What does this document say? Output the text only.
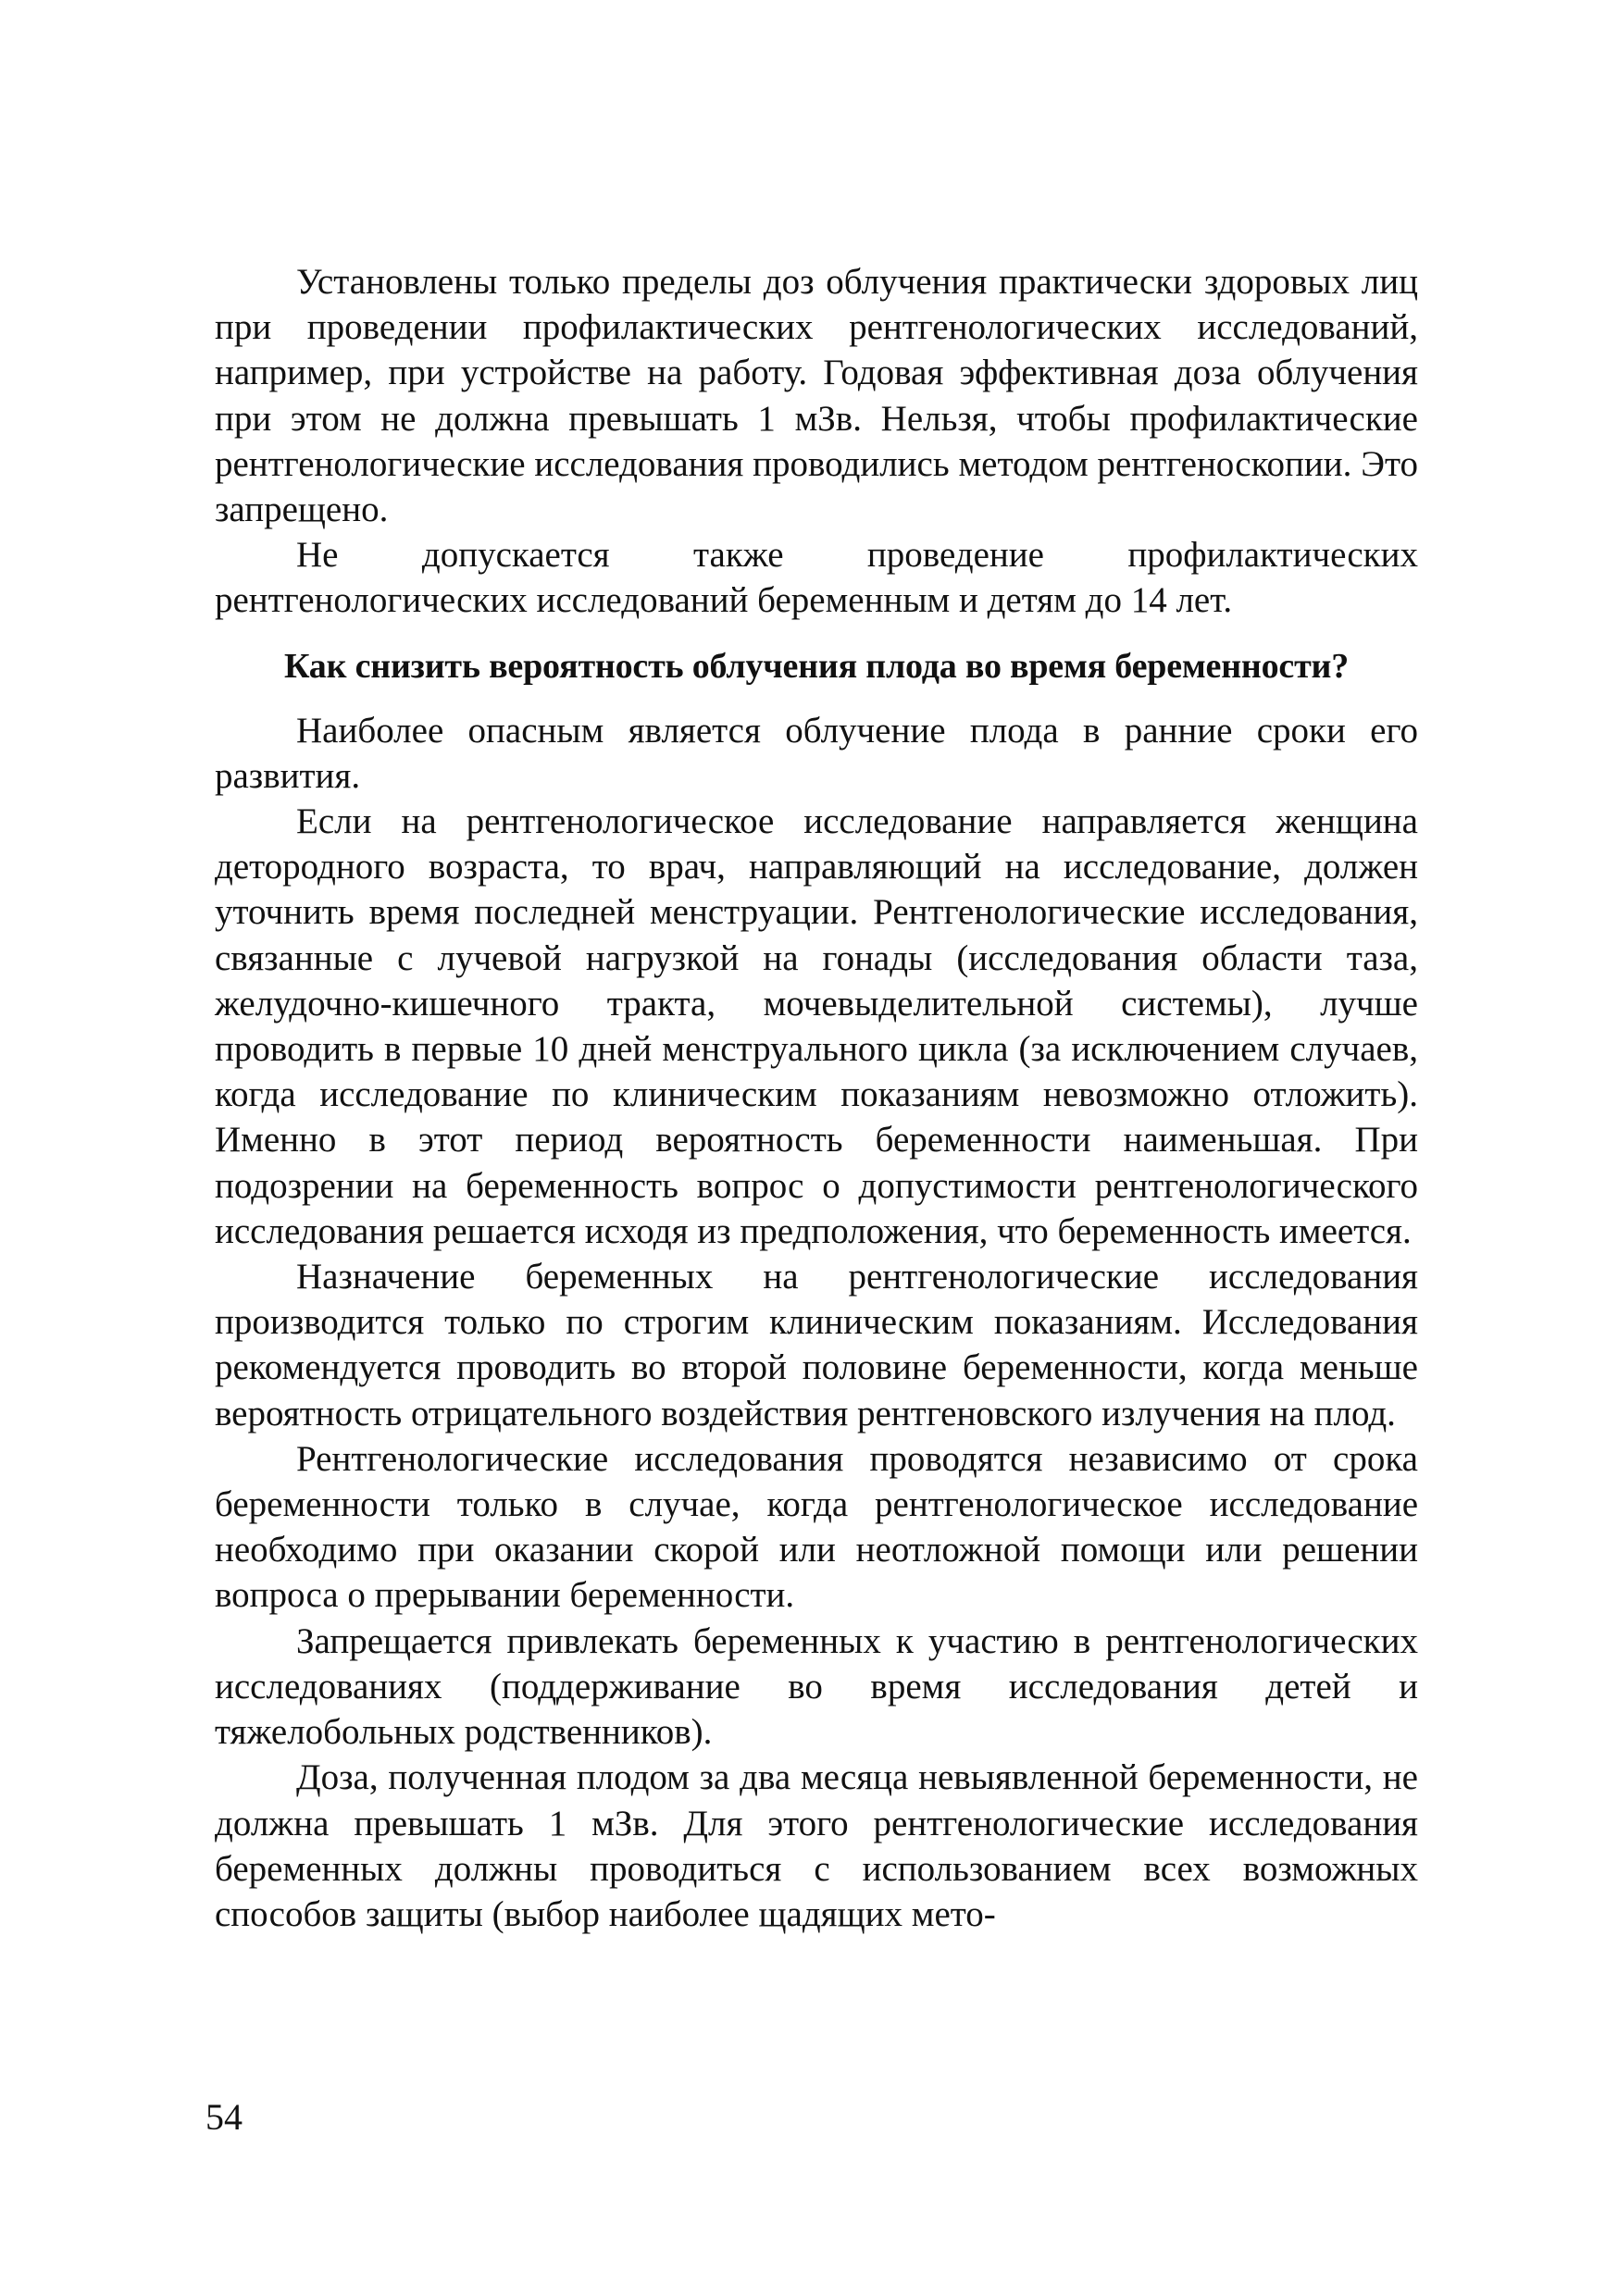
Установлены только пределы доз облучения практически здоровых лиц при проведении профилактических рентгенологических исследований, например, при устройстве на работу. Годовая эффективная доза облучения при этом не должна превышать 1 мЗв. Нельзя, чтобы профилактические рентгенологические исследования проводились методом рентгеноскопии. Это запрещено.

Не допускается также проведение профилактических рентгенологических исследований беременным и детям до 14 лет.

Как снизить вероятность облучения плода во время беременности?

Наиболее опасным является облучение плода в ранние сроки его развития.

Если на рентгенологическое исследование направляется женщина детородного возраста, то врач, направляющий на исследование, должен уточнить время последней менструации. Рентгенологические исследования, связанные с лучевой нагрузкой на гонады (исследования области таза, желудочно-кишечного тракта, мочевыделительной системы), лучше проводить в первые 10 дней менструального цикла (за исключением случаев, когда исследование по клиническим показаниям невозможно отложить). Именно в этот период вероятность беременности наименьшая. При подозрении на беременность вопрос о допустимости рентгенологического исследования решается исходя из предположения, что беременность имеется.

Назначение беременных на рентгенологические исследования производится только по строгим клиническим показаниям. Исследования рекомендуется проводить во второй половине беременности, когда меньше вероятность отрицательного воздействия рентгеновского излучения на плод.

Рентгенологические исследования проводятся независимо от срока беременности только в случае, когда рентгенологическое исследование необходимо при оказании скорой или неотложной помощи или решении вопроса о прерывании беременности.

Запрещается привлекать беременных к участию в рентгенологических исследованиях (поддерживание во время исследования детей и тяжелобольных родственников).

Доза, полученная плодом за два месяца невыявленной беременности, не должна превышать 1 мЗв. Для этого рентгенологические исследования беременных должны проводиться с использованием всех возможных способов защиты (выбор наиболее щадящих мето-

54
